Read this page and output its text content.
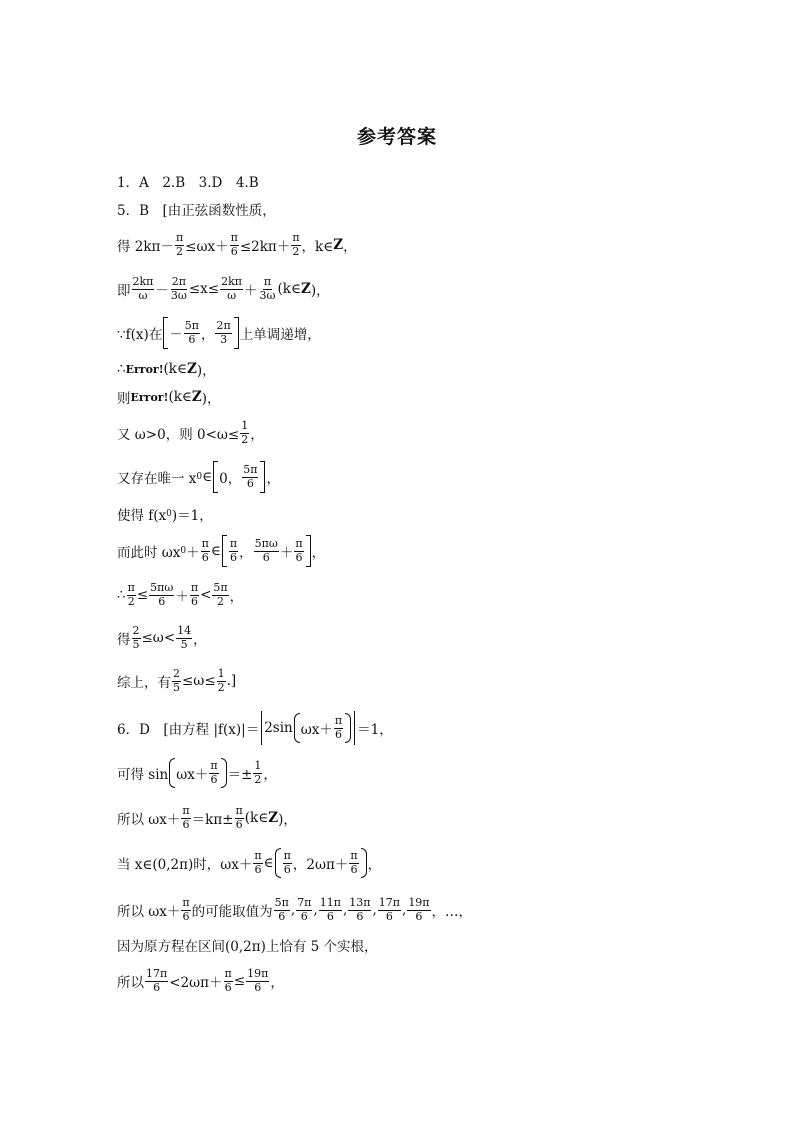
参考答案
1．A　2.B　3.D　4.B
5．B　[由正弦函数性质，
得 $2k\pi- \frac{\pi}{2} \le\omega x+ \frac{\pi}{6} \le 2k\pi+ \frac{\pi}{2}$ ，k∈ Z ，
即 $\frac{2k\pi}{\omega} - \frac{2\pi}{3\omega} \le x\le \frac{2k\pi}{\omega} + \frac{\pi}{3\omega}$ (k∈ Z )，
∵f(x)在 － $\frac{5\pi}{6}$ ， $\frac{2\pi}{3}$ 上单调递增，
∴ Error! (k∈ Z )，
则 Error! (k∈ Z )，
又 ω>0，则 $0<\omega\le \frac{1}{2}$ ，
又存在唯一 x 0 ∈ 0， $\frac{5\pi}{6}$ ，
使得 f(x 0 )＝1，
而此时 ωx $0 + \frac{\pi}{6}$ ∈ $\frac{\pi}{6}$ ， $\frac{5\pi\omega}{6} + \frac{\pi}{6}$ ，
∴ $\frac{\pi}{2} \le \frac{5\pi\omega}{6} + \frac{\pi}{6} < \frac{5\pi}{2}$ ，
得 $\frac{2}{5} \le\omega< \frac{14}{5}$ ，
综上，有 $\frac{2}{5} \le\omega\le \frac{1}{2}$ .]
6．D　[由方程 |f(x)|＝ 2sin $\omega x+ \frac{\pi}{6} =1$，
可得 $\sin \omega x+ \frac{\pi}{6} =\pm \frac{1}{2}$ ，
所以 $\omega x+ \frac{\pi}{6} =k\pi\pm \frac{\pi}{6}$ (k∈ Z )，
当 x∈(0,2π)时，$\omega x+ \frac{\pi}{6}$ ∈ $\frac{\pi}{6}$ ，$2\omega\pi+ \frac{\pi}{6}$ ，
所以 $\omega x+ \frac{\pi}{6}$ 的可能取值为 $\frac{5\pi}{6}$ , $\frac{7\pi}{6}$ , $\frac{11\pi}{6}$ , $\frac{13\pi}{6}$ , $\frac{17\pi}{6}$ , $\frac{19\pi}{6}$ ，…，
因为原方程在区间(0,2π)上恰有 5 个实根，
所以 $\frac{17\pi}{6} <2\omega\pi+ \frac{\pi}{6} \le \frac{19\pi}{6}$ ，
